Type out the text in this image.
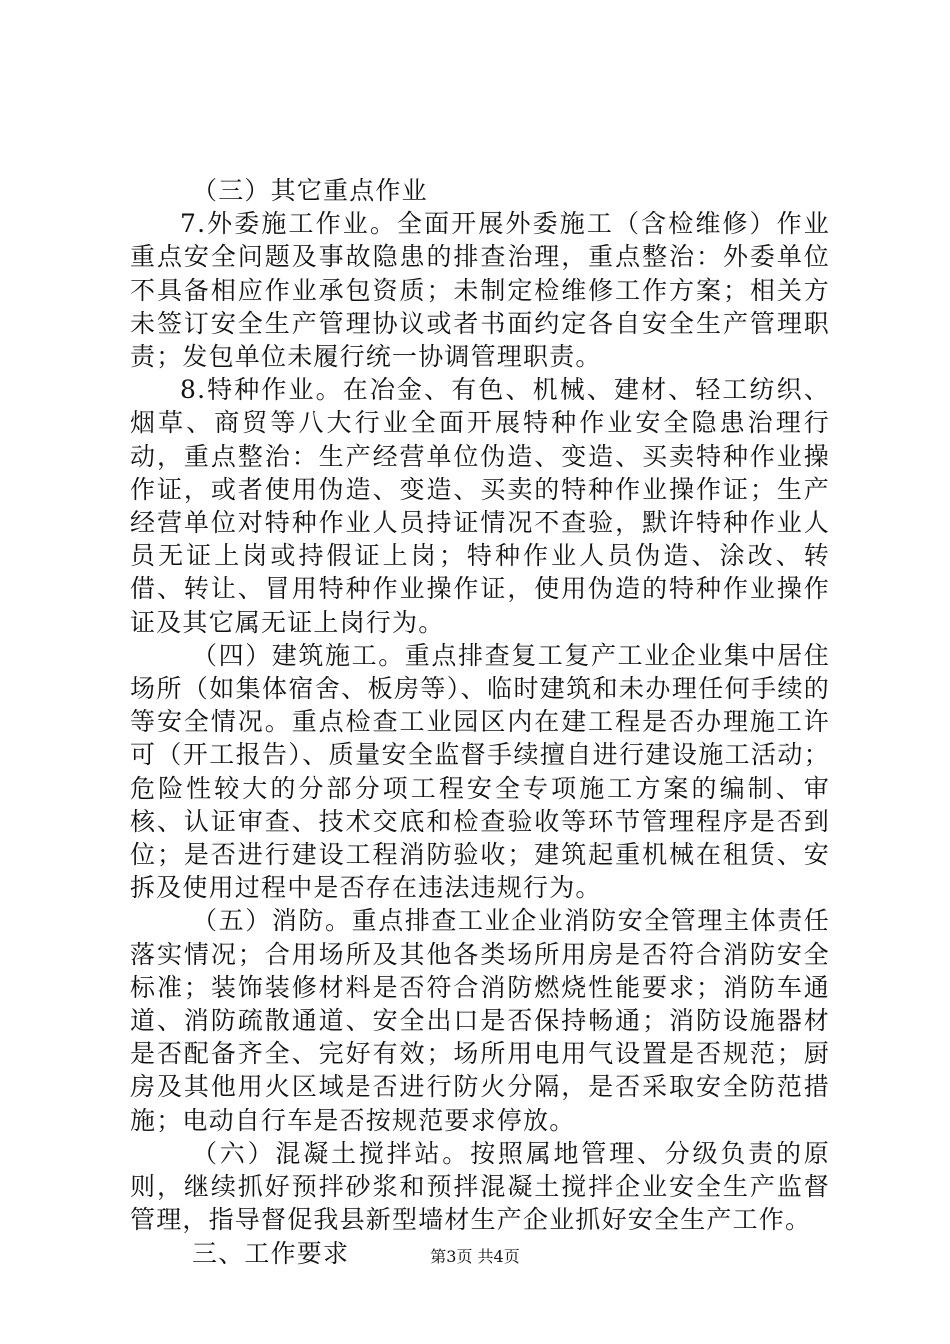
（三）其它重点作业

7.外委施工作业。全面开展外委施工（含检维修）作业重点安全问题及事故隐患的排查治理，重点整治：外委单位不具备相应作业承包资质；未制定检维修工作方案；相关方未签订安全生产管理协议或者书面约定各自安全生产管理职责；发包单位未履行统一协调管理职责。

8.特种作业。在冶金、有色、机械、建材、轻工纺织、烟草、商贸等八大行业全面开展特种作业安全隐患治理行动，重点整治：生产经营单位伪造、变造、买卖特种作业操作证，或者使用伪造、变造、买卖的特种作业操作证；生产经营单位对特种作业人员持证情况不查验，默许特种作业人员无证上岗或持假证上岗；特种作业人员伪造、涂改、转借、转让、冒用特种作业操作证，使用伪造的特种作业操作证及其它属无证上岗行为。

（四）建筑施工。重点排查复工复产工业企业集中居住场所（如集体宿舍、板房等）、临时建筑和未办理任何手续的等安全情况。重点检查工业园区内在建工程是否办理施工许可（开工报告）、质量安全监督手续擅自进行建设施工活动；危险性较大的分部分项工程安全专项施工方案的编制、审核、认证审查、技术交底和检查验收等环节管理程序是否到位；是否进行建设工程消防验收；建筑起重机械在租赁、安拆及使用过程中是否存在违法违规行为。

（五）消防。重点排查工业企业消防安全管理主体责任落实情况；合用场所及其他各类场所用房是否符合消防安全标准；装饰装修材料是否符合消防燃烧性能要求；消防车通道、消防疏散通道、安全出口是否保持畅通；消防设施器材是否配备齐全、完好有效；场所用电用气设置是否规范；厨房及其他用火区域是否进行防火分隔，是否采取安全防范措施；电动自行车是否按规范要求停放。

（六）混凝土搅拌站。按照属地管理、分级负责的原则，继续抓好预拌砂浆和预拌混凝土搅拌企业安全生产监督管理，指导督促我县新型墙材生产企业抓好安全生产工作。

三、工作要求	第3页 共4页
